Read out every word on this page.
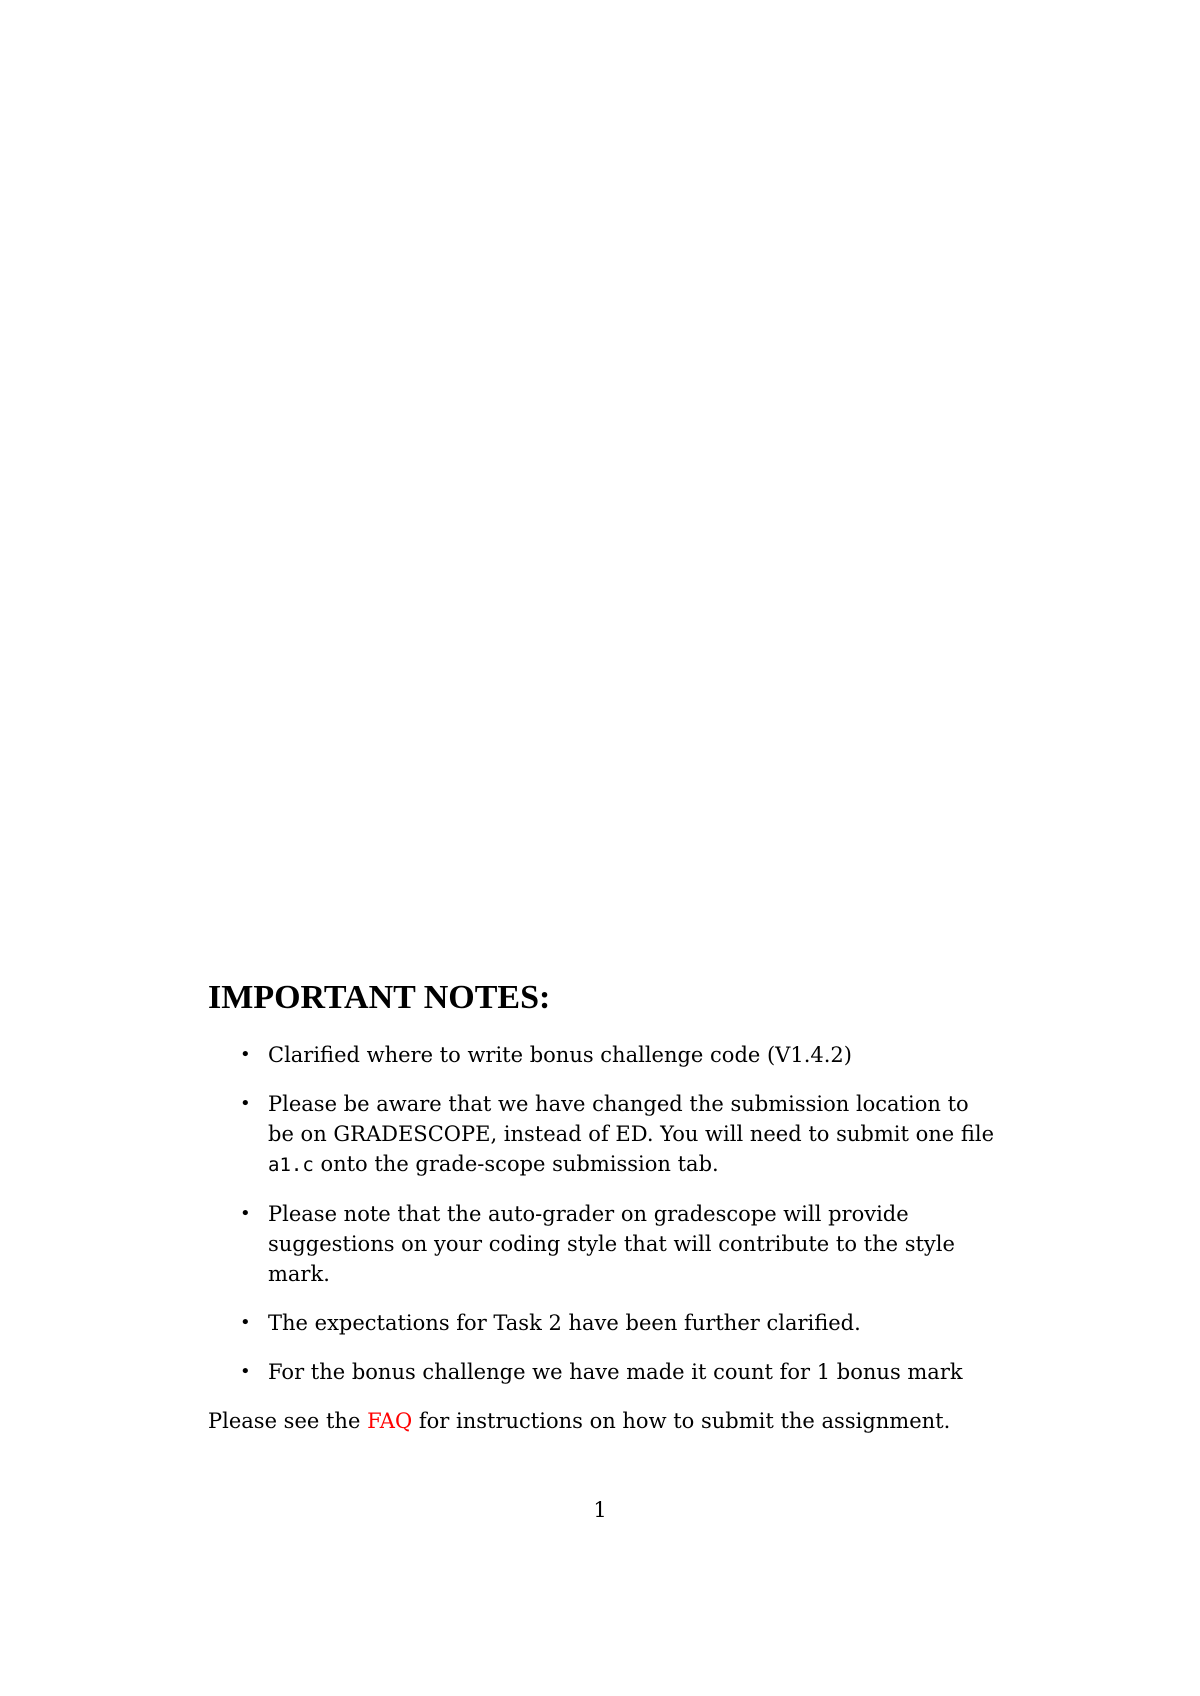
IMPORTANT NOTES:
• Clarified where to write bonus challenge code (V1.4.2)
• Please be aware that we have changed the submission location to be on GRADESCOPE, instead of ED. You will need to submit one file a1.c onto the grade-scope submission tab.
• Please note that the auto-grader on gradescope will provide suggestions on your coding style that will contribute to the style mark.
• The expectations for Task 2 have been further clarified.
• For the bonus challenge we have made it count for 1 bonus mark

Please see the FAQ for instructions on how to submit the assignment.

1
